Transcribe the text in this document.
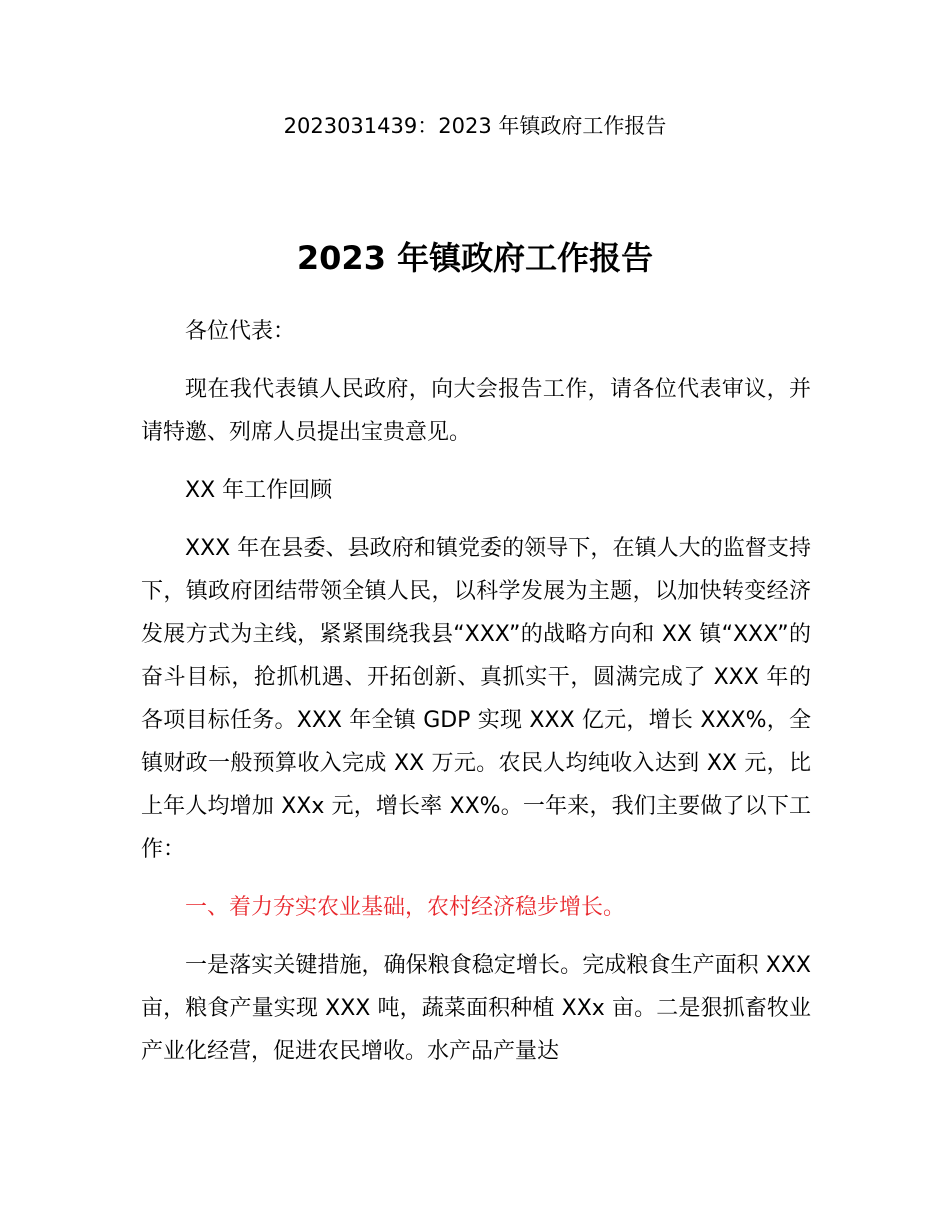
2023031439：2023 年镇政府工作报告
2023 年镇政府工作报告

各位代表：

现在我代表镇人民政府，向大会报告工作，请各位代表审议，并请特邀、列席人员提出宝贵意见。

XX 年工作回顾

XXX 年在县委、县政府和镇党委的领导下，在镇人大的监督支持下，镇政府团结带领全镇人民，以科学发展为主题，以加快转变经济发展方式为主线，紧紧围绕我县“XXX”的战略方向和 XX 镇“XXX”的奋斗目标，抢抓机遇、开拓创新、真抓实干，圆满完成了 XXX 年的各项目标任务。XXX 年全镇 GDP 实现 XXX 亿元，增长 XXX%，全镇财政一般预算收入完成 XX 万元。农民人均纯收入达到 XX 元，比上年人均增加 XXx 元，增长率 XX%。一年来，我们主要做了以下工作：

一、着力夯实农业基础，农村经济稳步增长。

一是落实关键措施，确保粮食稳定增长。完成粮食生产面积 XXX 亩，粮食产量实现 XXX 吨，蔬菜面积种植 XXx 亩。二是狠抓畜牧业产业化经营，促进农民增收。水产品产量达
